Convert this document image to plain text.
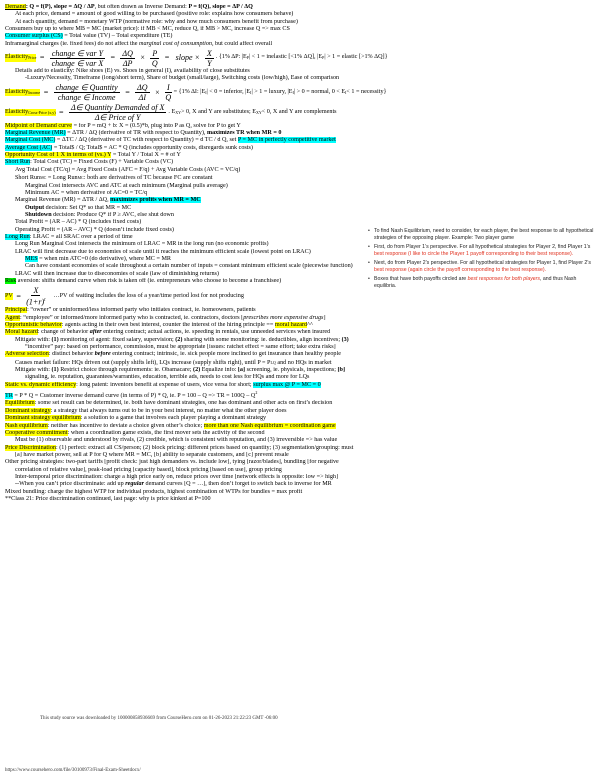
Demand: Q = f(P), slope = ΔQ / ΔP, but often drawn as Inverse Demand: P = f(Q), slope = ΔP / ΔQ
At each price, demand = amount of good willing to be purchased (positive role: explains how consumers behave)
At each quantity, demand = monetary WTP (normative role: why and how much consumers benefit from purchase)
Consumers buy up to where MB = MC (market price): if MB < MC, reduce Q, if MB > MC, increase Q => max CS
Consumer surplus (CS) = Total value (TV) – Total expenditure (TE)
Inframarginal charges (ie. fixed fees) do not affect the marginal cost of consumption, but could affect overall
Elasticity Price = $\frac{\text{change ∈ var Y}}{\text{change ∈ var X}} = \frac{\Delta Q}{\Delta P} \times \frac{P}{Q}$ = slope × $\frac{X}{Y}$ . {1% ΔP: |E P | < 1 = inelastic [<1% ΔQ], |E P | > 1 = elastic [>1% ΔQ]}
Details add to elasticity: Nike shoes (E) vs. Shoes in general (I), availability of close substitutes
-Luxury/Necessity, Timeframe (long/short term), Share of budget (small/large), Switching costs (low/high), Ease of comparison
Elasticity Income = $\frac{\text{change ∈ Quantity}}{\text{change ∈ Income}} = \frac{\Delta Q}{\Delta I} \times \frac{I}{Q} = \{1\%$ ΔI: |E I | < 0 = inferior, |E I | > 1 = luxury, |E I | > 0 = normal, 0 < E I < 1 = necessity}
Elasticity Cross-Price $(x,y) = \frac{\text{Δ∈ Quantity Demanded of X}}{\text{Δ∈ Price of Y}}$ . E XY > 0, X and Y are substitutes; E XY < 0, X and Y are complements
Midpoint of Demand curve = for P = mQ + b: X = (0.5)*b, plug into P as Q, solve for P to get Y
Marginal Revenue (MR) = ΔTR / ΔQ (derivative of TR with respect to Quantity), maximizes TR when MR = 0
Marginal Cost (MC) = ΔTC / ΔQ (derivative of TC with respect to Quantity) = d TC / d Q, set P = MC in perfectly competitive market
Average Cost (AC) = Total$ / Q; Total$ = AC * Q (includes opportunity costs, disregards sunk costs)
Opportunity Cost of 1 X in terms of (vs.) Y = Total Y / Total X = # of Y
Short Run: Total Cost (TC) = Fixed Costs (F) + Variable Costs (VC)
Avg Total Cost (TC/q) = Avg Fixed Costs (AFC = F/q) + Avg Variable Costs (AVC = VC/q)
Short RunMC = Long RunMC: both are derivatives of TC because FC are constant
Marginal Cost intersects AVC and ATC at each minimum (Marginal pulls average)
Minimum AC = when derivative of AC=0 = TC/q
Marginal Revenue (MR) = ΔTR / ΔQ, maximizes profits when MR = MC
Output decision: Set Q* so that MR = MC
Shutdown decision: Produce Q* if P ≥ AVC, else shut down
Total Profit = (AR – AC) * Q (includes fixed costs)
Operating Profit = (AR – AVC) * Q (doesn’t include fixed costs)
Long Run: LRAC = all SRAC over a period of time
Long Run Marginal Cost intersects the minimum of LRAC = MR in the long run (no economic profits)
LRAC will first decrease due to economies of scale until it reaches the minimum efficient scale (lowest point on LRAC)
MES = when min ATC=0 (do derivative), where MC = MR
Can have constant economies of scale throughout a certain number of inputs = constant minimum efficient scale (piecewise function)
LRAC will then increase due to diseconomies of scale (law of diminishing returns)
Risk aversion: shifts demand curve when risk is taken off (ie. entrepreneurs who choose to become a franchisee)
PV = $\frac{X}{(1+r)^t}$ …PV of waiting includes the loss of a year/time period lost for not producing
Principal: “owner” or uninformed/less informed party who initiates contract, ie. homeowners, patients
Agent: “employee” or informed/more informed party who is contracted, ie. contractors, doctors [prescribes more expensive drugs]
Opportunistic behavior: agents acting in their own best interest, counter the interest of the hiring principle == moral hazard^^
Moral hazard: change of behavior after entering contract; actual actions, ie. speeding in rentals, use unneeded services when insured
Mitigate with: (1) monitoring of agent: fixed salary, supervision; (2) sharing with some monitoring: ie. deductibles, align incentives; (3)
“incentive” pay: based on performance, commission, must be appropriate [issues: ratchet effect = same effort; take extra risks]
Adverse selection: distinct behavior before entering contract; intrinsic, ie. sick people more inclined to get insurance than healthy people
Causes market failure: HQs driven out (supply shifts left), LQs increase (supply shifts right), until P = PLQ and no HQs in market
Mitigate with: (1) Restrict choice through requirements: ie. Obamacare; (2) Equalize info: [a] screening, ie. physicals, inspections; [b]
signaling, ie. reputation, guarantees/warranties, education, terrible ads, needs to cost less for HQs and more for LQs
Static vs. dynamic efficiency: long patent: inventors benefit at expense of users, vice versa for short; surplus max @ P = MC = 0
TR = P * Q = Customer inverse demand curve (in terms of P) * Q, ie. P = 100 – Q => TR = $100Q - Q^2$
Equilibrium: some set result can be determined, ie. both have dominant strategies, one has dominant and other acts on first’s decision
Dominant strategy: a strategy that always turns out to be in your best interest, no matter what the other player does
Dominant strategy equilibrium: a solution to a game that involves each player playing a dominant strategy
Nash equilibrium: neither has incentive to deviate a choice given other’s choice; more than one Nash equilibrium = coordination game
Cooperative commitment: when a coordination game exists, the first mover sets the activity of the second
Must be (1) observable and understood by rivals, (2) credible, which is consistent with reputation, and (3) irreversible => has value
Price Discrimination: (1) perfect: extract all CS/person; (2) block pricing: different prices based on quantity; (3) segmentation/grouping: must
[a] have market power, sell at P for Q where MR = MC, [b] ability to separate customers, and [c] prevent resale
Other pricing strategies: two-part tariffs [profit check: just high demanders vs. include low], tying [razor/blades], bundling [for negative
correlation of relative value], peak-load pricing [capacity based], block pricing [based on use], group pricing
Inter-temporal price discrimination: charge a high price early on, reduce prices over time [network effects is opposite: low => high]
--When you can’t price discriminate: add up regular demand curves [Q = …], then don’t forget to switch back to inverse for MR
Mixed bundling: charge the highest WTP for individual products, highest combination of WTPs for bundles = max profit
**Class 21: Price discrimination continued, last page: why is price kinked at P=100
• To find Nash Equilibrium, need to consider, for each player, the best response to all hypothetical strategies of the opposing player. Example: Two player game
• First, do from Player 1’s perspective. For all hypothetical strategies for Player 2, find Player 1’s best response (I like to circle the Player 1 payoff corresponding to their best response).
• Next, do from Player 2’s perspective. For all hypothetical strategies for Player 1, find Player 2’s best response (again circle the payoff corresponding to the best response).
• Boxes that have both payoffs circled are best responses for both players, and thus Nash equilibria.
This study source was downloaded by 100000858936669 from CourseHero.com on 01-26-2023 21:22:23 GMT -06:00
https://www.coursehero.com/file/30100973/Final-Exam-Sheetdocx/
